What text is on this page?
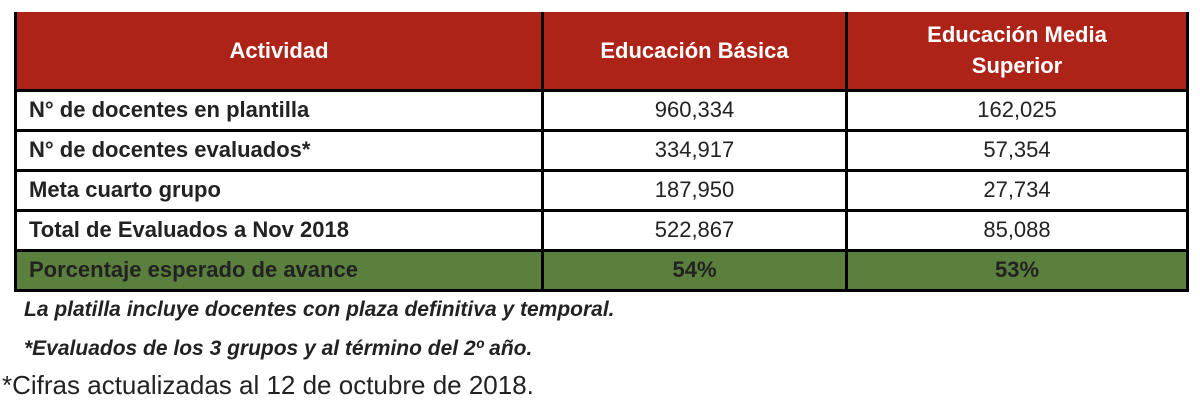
Actividad	Educación Básica	Educación Media
Superior
N° de docentes en plantilla	960,334	162,025
N° de docentes evaluados*	334,917	57,354
Meta cuarto grupo	187,950	27,734
Total de Evaluados a Nov 2018	522,867	85,088
Porcentaje esperado de avance	54%	53%
La platilla incluye docentes con plaza definitiva y temporal.
*Evaluados de los 3 grupos y al término del 2º año.
*Cifras actualizadas al 12 de octubre de 2018.
